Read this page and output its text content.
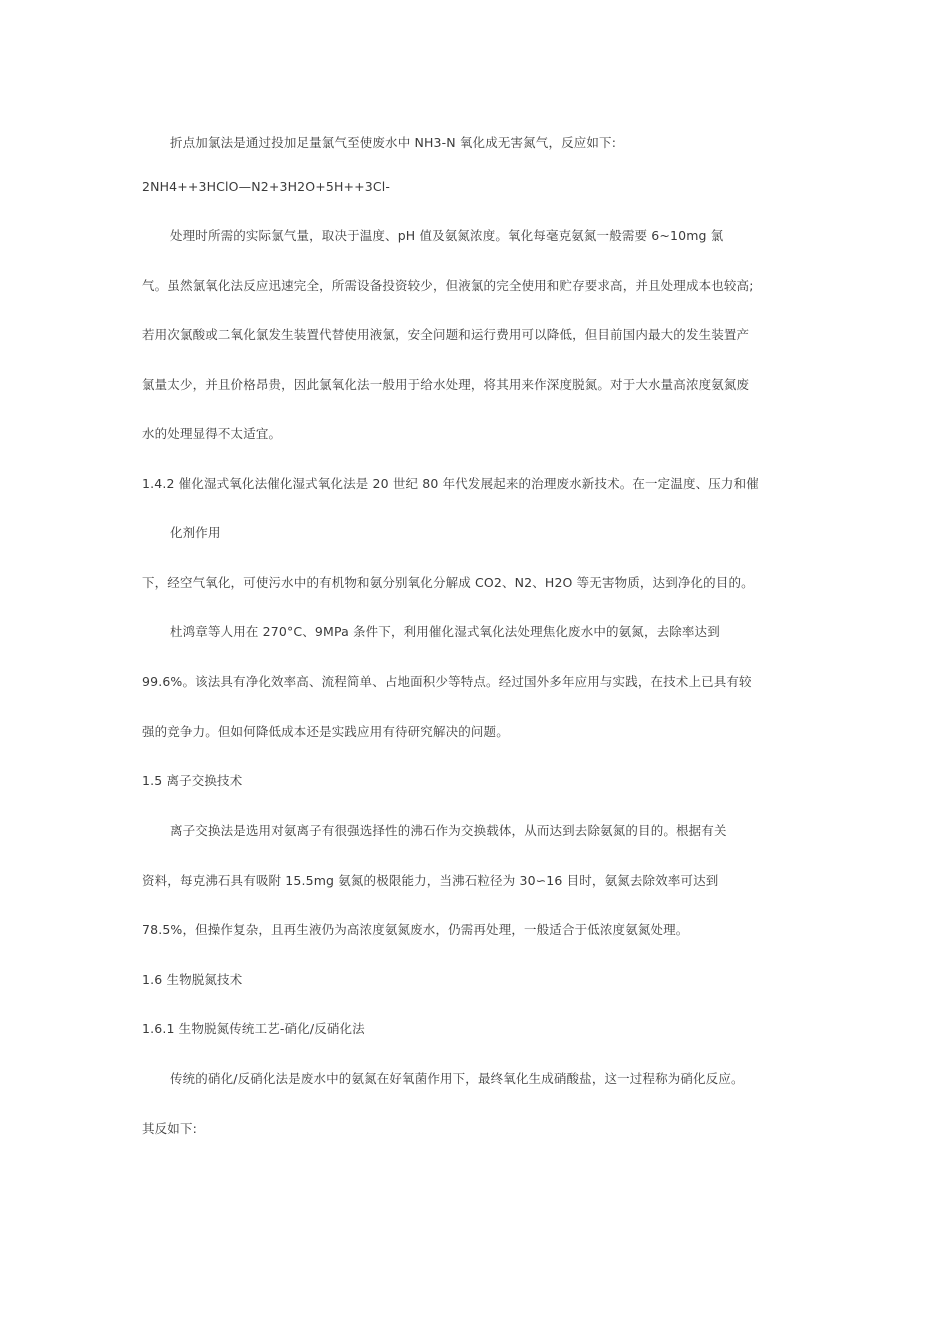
折点加氯法是通过投加足量氯气至使废水中 NH3-N 氧化成无害氮气，反应如下:
2NH4++3HClO—N2+3H2O+5H++3Cl-
处理时所需的实际氯气量，取决于温度、pH 值及氨氮浓度。氧化每毫克氨氮一般需要 6~10mg 氯
气。虽然氯氧化法反应迅速完全，所需设备投资较少，但液氯的完全使用和贮存要求高，并且处理成本也较高;
若用次氯酸或二氧化氯发生装置代替使用液氯，安全问题和运行费用可以降低，但目前国内最大的发生装置产
氯量太少，并且价格昂贵，因此氯氧化法一般用于给水处理，将其用来作深度脱氮。对于大水量高浓度氨氮废
水的处理显得不太适宜。
1.4.2 催化湿式氧化法催化湿式氧化法是 20 世纪 80 年代发展起来的治理废水新技术。在一定温度、压力和催
化剂作用
下，经空气氧化，可使污水中的有机物和氨分别氧化分解成 CO2、N2、H2O 等无害物质，达到净化的目的。
杜鸿章等人用在 270°C、9MPa 条件下，利用催化湿式氧化法处理焦化废水中的氨氮，去除率达到
99.6%。该法具有净化效率高、流程简单、占地面积少等特点。经过国外多年应用与实践，在技术上已具有较
强的竞争力。但如何降低成本还是实践应用有待研究解决的问题。
1.5 离子交换技术
离子交换法是选用对氨离子有很强选择性的沸石作为交换载体，从而达到去除氨氮的目的。根据有关
资料，每克沸石具有吸附 15.5mg 氨氮的极限能力，当沸石粒径为 30∽16 目时，氨氮去除效率可达到
78.5%，但操作复杂，且再生液仍为高浓度氨氮废水，仍需再处理，一般适合于低浓度氨氮处理。
1.6 生物脱氮技术
1.6.1 生物脱氮传统工艺-硝化/反硝化法
传统的硝化/反硝化法是废水中的氨氮在好氧菌作用下，最终氧化生成硝酸盐，这一过程称为硝化反应。
其反如下:
